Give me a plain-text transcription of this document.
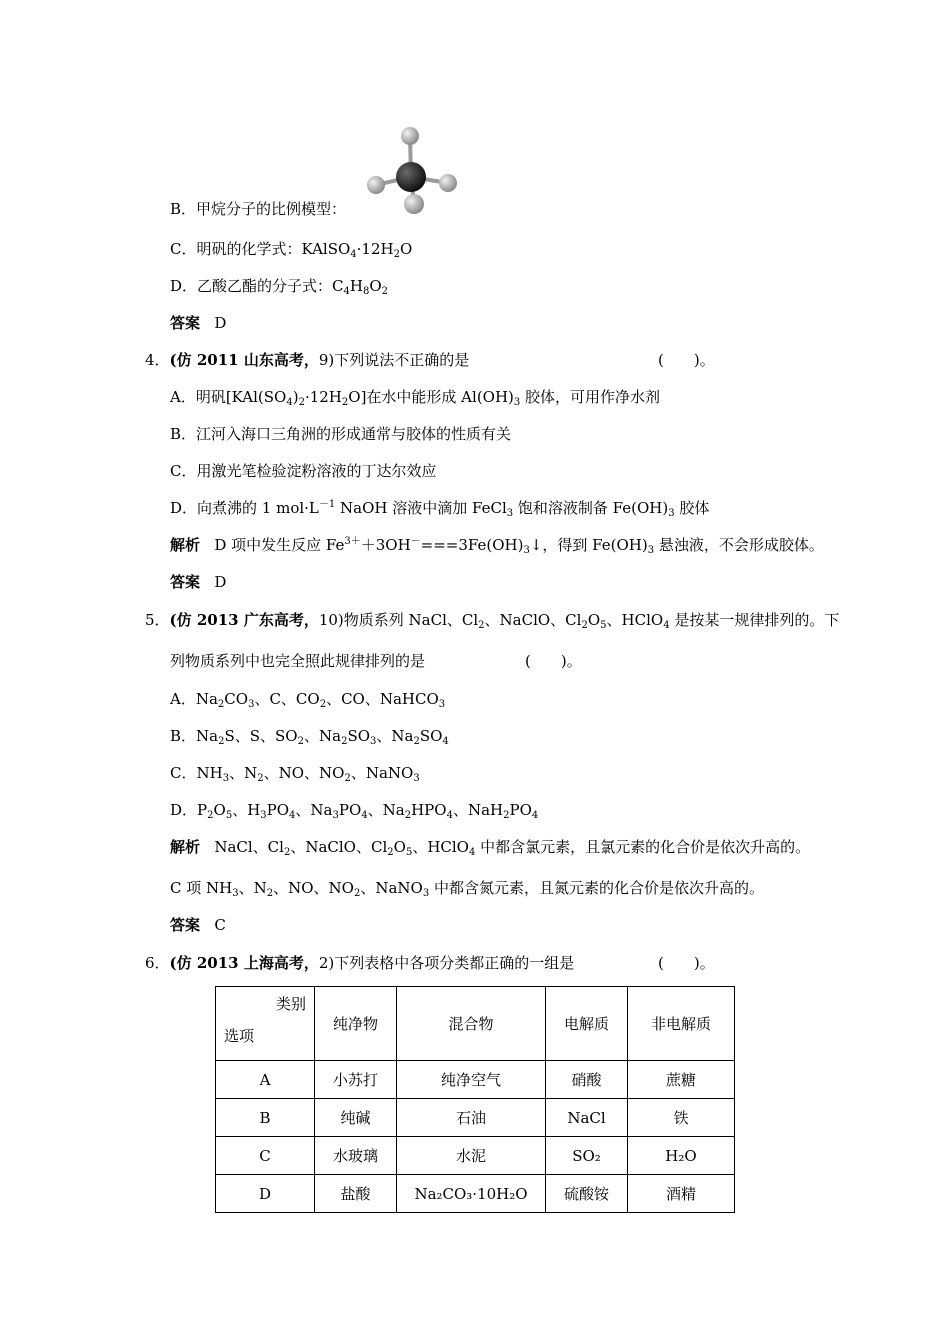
B．甲烷分子的比例模型：
C．明矾的化学式：$KAlSO_4\cdot 12H_2O$
D．乙酸乙酯的分子式：$C_4H_8O_2$
答案 D
4．(仿 2011 山东高考，9)下列说法不正确的是	(　　)。
A．明矾$[KAl(SO_4)_2\cdot 12H_2O]$在水中能形成 $Al(OH)_3$ 胶体，可用作净水剂
B．江河入海口三角洲的形成通常与胶体的性质有关
C．用激光笔检验淀粉溶液的丁达尔效应
D．向煮沸的 1 $mol\cdot L^{-1}$ NaOH 溶液中滴加 FeCl$_3$ 饱和溶液制备 $Fe(OH)_3$ 胶体
解析 D 项中发生反应 $Fe^{3+}+3OH^-===3Fe(OH)_3↓$，得到 $Fe(OH)_3$ 悬浊液，不会形成胶体。
答案 D
5．(仿 2013 广东高考，10)物质系列 NaCl、$Cl_2$、NaClO、$Cl_2O_5$、HClO$_4$ 是按某一规律排列的。下
列物质系列中也完全照此规律排列的是	(　　)。
A．$Na_2CO_3$、C、$CO_2$、CO、NaHCO$_3$
B．$Na_2S$、S、$SO_2$、$Na_2SO_3$、$Na_2SO_4$
C．$NH_3$、$N_2$、NO、$NO_2$、NaNO$_3$
D．$P_2O_5$、$H_3PO_4$、$Na_3PO_4$、$Na_2HPO_4$、$NaH_2PO_4$
解析 NaCl、$Cl_2$、NaClO、$Cl_2O_5$、HClO$_4$ 中都含氯元素，且氯元素的化合价是依次升高的。
C 项 $NH_3$、$N_2$、NO、$NO_2$、NaNO$_3$ 中都含氮元素，且氮元素的化合价是依次升高的。
答案 C
6．(仿 2013 上海高考，2)下列表格中各项分类都正确的一组是	(　　)。
类别
选项	纯净物	混合物	电解质	非电解质
A	小苏打	纯净空气	硝酸	蔗糖
B	纯碱	石油	NaCl	铁
C	水玻璃	水泥	SO₂	H₂O
D	盐酸	Na₂CO₃·10H₂O	硫酸铵	酒精
